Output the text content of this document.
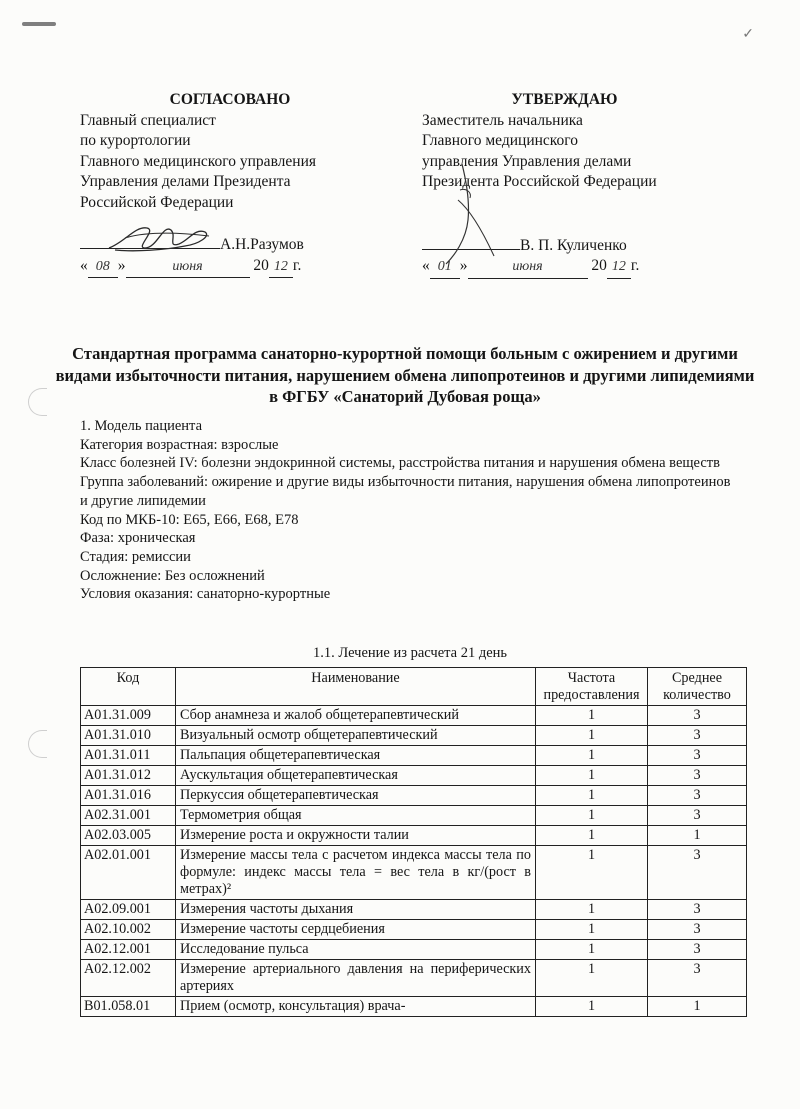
✓
СОГЛАСОВАНО
Главный специалист
по курортологии
Главного медицинского управления
Управления делами Президента
Российской Федерации
А.Н.Разумов
« 08 »	июня	20 12 г.
УТВЕРЖДАЮ
Заместитель начальника
Главного медицинского
управления Управления делами
Президента Российской Федерации
В. П. Куличенко
« 01 »	июня	20 12 г.
Стандартная программа санаторно-курортной помощи больным с ожирением и другими видами избыточности питания, нарушением обмена липопротеинов и другими липидемиями в ФГБУ «Санаторий Дубовая роща»
1. Модель пациента
Категория возрастная: взрослые
Класс болезней IV: болезни эндокринной системы, расстройства питания и нарушения обмена веществ
Группа заболеваний: ожирение и другие виды избыточности питания, нарушения обмена липопротеинов и другие липидемии
Код по МКБ-10: Е65, Е66, Е68, Е78
Фаза: хроническая
Стадия: ремиссии
Осложнение: Без осложнений
Условия оказания: санаторно-курортные
1.1. Лечение из расчета 21 день
Код	Наименование	Частота предоставления	Среднее количество
А01.31.009	Сбор анамнеза и жалоб общетерапевтический	1	3
А01.31.010	Визуальный осмотр общетерапевтический	1	3
А01.31.011	Пальпация общетерапевтическая	1	3
А01.31.012	Аускультация общетерапевтическая	1	3
А01.31.016	Перкуссия общетерапевтическая	1	3
А02.31.001	Термометрия общая	1	3
А02.03.005	Измерение роста и окружности талии	1	1
А02.01.001	Измерение массы тела с расчетом индекса массы тела по формуле: индекс массы тела = вес тела в кг/(рост в метрах)²	1	3
А02.09.001	Измерения частоты дыхания	1	3
А02.10.002	Измерение частоты сердцебиения	1	3
А02.12.001	Исследование пульса	1	3
А02.12.002	Измерение артериального давления на периферических артериях	1	3
В01.058.01	Прием (осмотр, консультация) врача-	1	1
